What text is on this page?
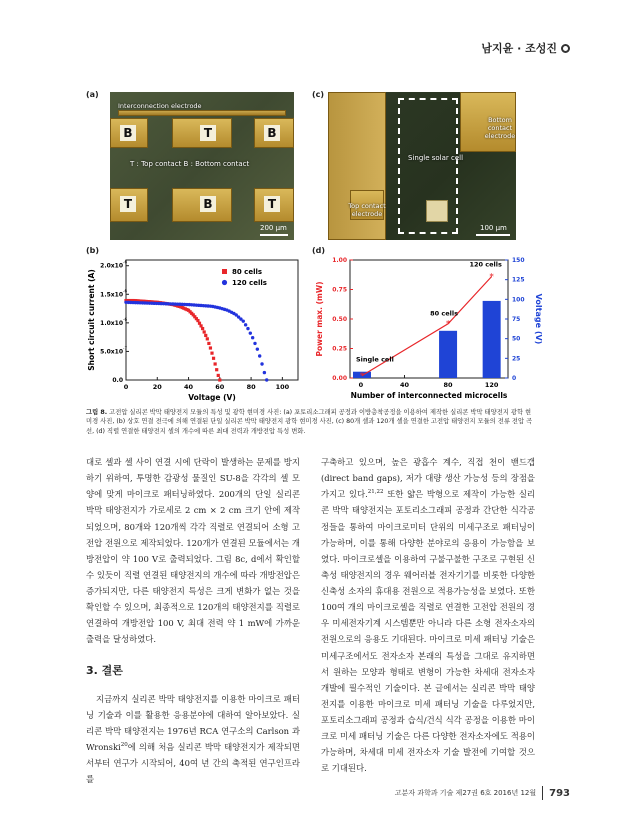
남지윤 · 조성진
(a)	(c)
(b)	(d)
Interconnection electrode
B	T	B
T : Top contact B : Bottom contact
T	B	T
200 μm
Bottom contact electrode
Single solar cell
Top contact electrode
100 μm
0	20	40	60	80	100
0.0
5.0x10
-7
1.0x10
-6
1.5x10
-6
2.0x10
-6
Voltage (V)
Short circuit current (A)	80 cells
120 cells
0	40	80	120
0.00
0.25
0.50
0.75
1.00
0
25
50
75
100
125
150
Number of interconnected microcells
Power max. (mW)	Voltage (V)
*
*
*
Single cell
80 cells
120 cells
그림 8. 고전압 실리콘 박막 태양전지 모듈의 특성 및 광학 현미경 사진: (a) 포토리소그래피 공정과 이방층착공정을 이용하여 제작한 실리콘 박막 태양전지 광학 현미경 사진, (b) 상호 연결 전극에 의해 연결된 단일 실리콘 박막 태양전지 광학 현미경 사진, (c) 80개 셀과 120개 셀을 연결한 고전압 태양전지 모듈의 전류 전압 곡선, (d) 직렬 연결한 태양전지 셀의 개수에 따른 최대 전력과 개방전압 특성 변화.

대로 셀과 셀 사이 연결 시에 단락이 발생하는 문제를 방지하기 위하여, 투명한 감광성 물질인 SU-8을 각각의 셀 모양에 맞게 마이크로 패터닝하였다. 200개의 단일 실리콘 박막 태양전지가 가로세로 2 cm × 2 cm 크기 안에 제작되었으며, 80개와 120개씩 각각 직렬로 연결되어 소형 고전압 전원으로 제작되었다. 120개가 연결된 모듈에서는 개방전압이 약 100 V로 출력되었다. 그림 8c, d에서 확인할 수 있듯이 직렬 연결된 태양전지의 개수에 따라 개방전압은 증가되지만, 다른 태양전지 특성은 크게 변화가 없는 것을 확인할 수 있으며, 최종적으로 120개의 태양전지를 직렬로 연결하여 개방전압 100 V, 최대 전력 약 1 mW에 가까운 출력을 달성하였다.

3. 결론

지금까지 실리콘 박막 태양전지를 이용한 마이크로 패터닝 기술과 이를 활용한 응용분야에 대하여 알아보았다. 실리콘 박막 태양전지는 1976년 RCA 연구소의 Carlson 과 Wronski$^{20}$에 의해 처음 실리콘 박막 태양전지가 제작되면서부터 연구가 시작되어, 40여 년 간의 축적된 연구인프라를

구축하고 있으며, 높은 광흡수 계수, 직접 천이 밴드갭(direct band gaps), 저가 대량 생산 가능성 등의 장점을 가지고 있다.$^{21,22}$ 또한 얇은 박형으로 제작이 가능한 실리콘 박막 태양전지는 포토리소그래피 공정과 간단한 식각공정들을 통하여 마이크로미터 단위의 미세구조로 패터닝이 가능하며, 이를 통해 다양한 분야로의 응용이 가능함을 보였다. 마이크로셀을 이용하여 구불구불한 구조로 구현된 신축성 태양전지의 경우 웨어러블 전자기기를 비롯한 다양한 신축성 소자의 휴대용 전원으로 적용가능성을 보였다. 또한 100여 개의 마이크로셀을 직렬로 연결한 고전압 전원의 경우 미세전자기계 시스템뿐만 아니라 다른 소형 전자소자의 전원으로의 응용도 기대된다. 마이크로 미세 패터닝 기술은 미세구조에서도 전자소자 본래의 특성을 그대로 유지하면서 원하는 모양과 형태로 변형이 가능한 차세대 전자소자 개발에 필수적인 기술이다. 본 글에서는 실리콘 박막 태양전지를 이용한 마이크로 미세 패터닝 기술을 다루었지만, 포토리소그래피 공정과 습식/건식 식각 공정을 이용한 마이크로 미세 패터닝 기술은 다른 다양한 전자소자에도 적용이 가능하며, 차세대 미세 전자소자 기술 발전에 기여할 것으로 기대된다.

고분자 과학과 기술 제27권 6호 2016년 12월 793
